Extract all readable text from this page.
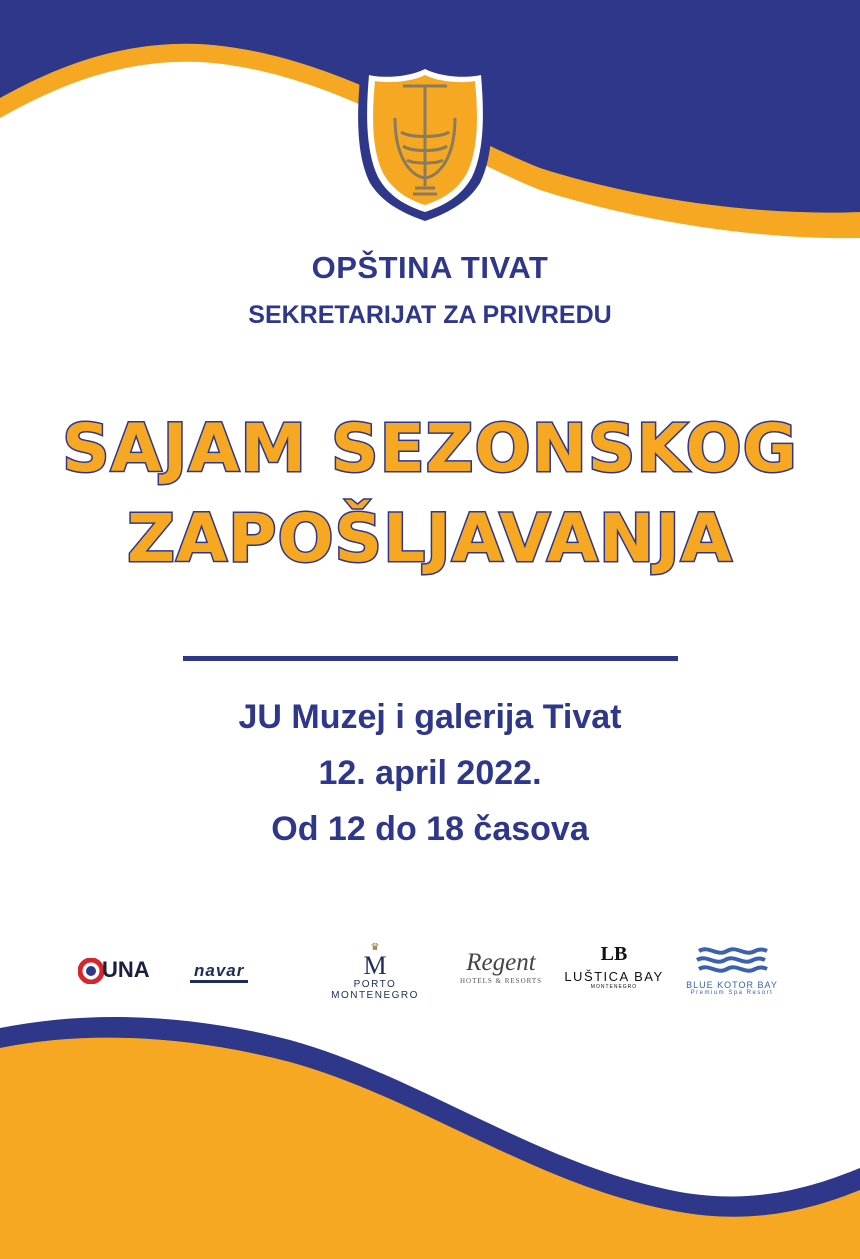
OPŠTINA TIVAT
SEKRETARIJAT ZA PRIVREDU
SAJAM SEZONSKOG
ZAPOŠLJAVANJA
JU Muzej i galerija Tivat
12. april 2022.
Od 12 do 18 časova
UNA	navar
♛
M
PORTO MONTENEGRO
Regent
HOTELS & RESORTS
LB
LUŠTICA BAY
MONTENEGRO	BLUE KOTOR BAY
Premium Spa Resort
